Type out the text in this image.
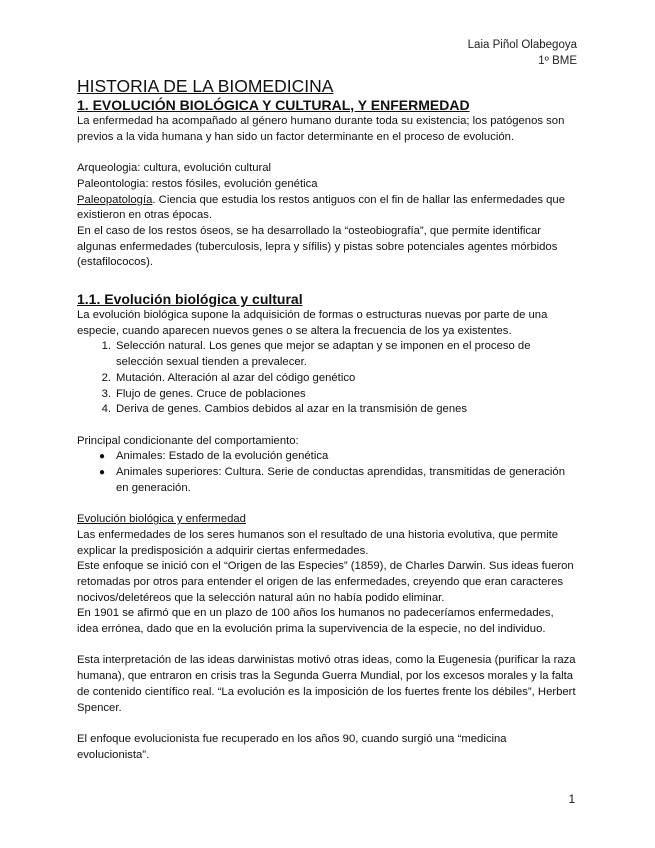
Laia Piñol Olabegoya
1º BME
HISTORIA DE LA BIOMEDICINA
1. EVOLUCIÓN BIOLÓGICA Y CULTURAL, Y ENFERMEDAD
La enfermedad ha acompañado al género humano durante toda su existencia; los patógenos son previos a la vida humana y han sido un factor determinante en el proceso de evolución.
Arqueologia: cultura, evolución cultural
Paleontologia: restos fósiles, evolución genética
Paleopatología. Ciencia que estudia los restos antiguos con el fin de hallar las enfermedades que existieron en otras épocas.
En el caso de los restos óseos, se ha desarrollado la “osteobiografía”, que permite identificar algunas enfermedades (tuberculosis, lepra y sífilis) y pistas sobre potenciales agentes mórbidos (estafilococos).
1.1. Evolución biológica y cultural
La evolución biológica supone la adquisición de formas o estructuras nuevas por parte de una especie, cuando aparecen nuevos genes o se altera la frecuencia de los ya existentes.
1. Selección natural. Los genes que mejor se adaptan y se imponen en el proceso de selección sexual tienden a prevalecer.
2. Mutación. Alteración al azar del código genético
3. Flujo de genes. Cruce de poblaciones
4. Deriva de genes. Cambios debidos al azar en la transmisión de genes
Principal condicionante del comportamiento:
● Animales: Estado de la evolución genética
● Animales superiores: Cultura. Serie de conductas aprendidas, transmitidas de generación en generación.
Evolución biológica y enfermedad
Las enfermedades de los seres humanos son el resultado de una historia evolutiva, que permite explicar la predisposición a adquirir ciertas enfermedades.
Este enfoque se inició con el “Origen de las Especies” (1859), de Charles Darwin. Sus ideas fueron retomadas por otros para entender el origen de las enfermedades, creyendo que eran caracteres nocivos/deletéreos que la selección natural aún no había podido eliminar.
En 1901 se afirmó que en un plazo de 100 años los humanos no padeceríamos enfermedades, idea errónea, dado que en la evolución prima la supervivencia de la especie, no del individuo.
Esta interpretación de las ideas darwinistas motivó otras ideas, como la Eugenesia (purificar la raza humana), que entraron en crisis tras la Segunda Guerra Mundial, por los excesos morales y la falta de contenido científico real. “La evolución es la imposición de los fuertes frente los débiles”, Herbert Spencer.
El enfoque evolucionista fue recuperado en los años 90, cuando surgió una “medicina evolucionista”.
1
